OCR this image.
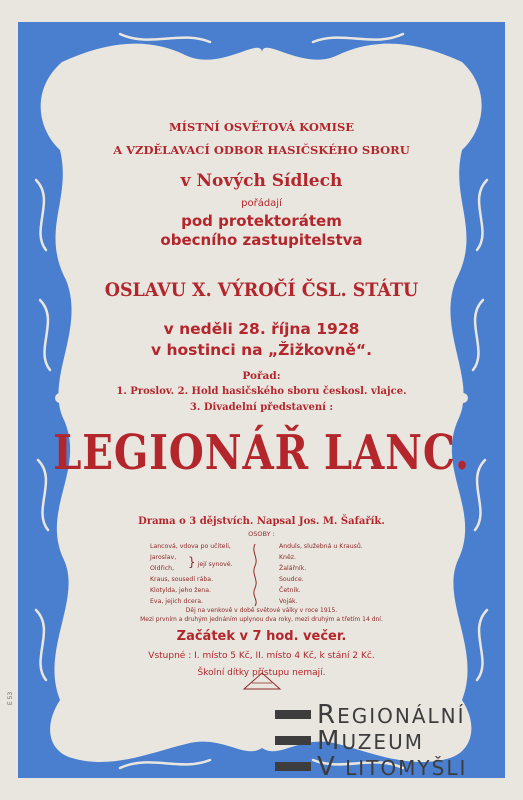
MÍSTNÍ OSVĚTOVÁ KOMISE
A VZDĚLAVACÍ ODBOR HASIČSKÉHO SBORU
v Nových Sídlech
pořádají
pod protektorátem
obecního zastupitelstva
OSLAVU X. VÝROČÍ ČSL. STÁTU
v neděli 28. října 1928
v hostinci na „Žižkovně“.
Pořad:
1. Proslov. 2. Hold hasičského sboru českosl. vlajce.
3. Divadelní představení :
LEGIONÁŘ LANC.
Drama o 3 dějstvích. Napsal Jos. M. Šafařík.
OSOBY :
Lancová, vdova po učiteli,
Jaroslav,
Oldřich,
Kraus, sousedí rába.
Klotylda, jeho žena.
Eva, jejich dcera.
} její synové.
Anduls, služebná u Krausů.
Kněz.
Žalářník.
Soudce.
Četník.
Voják.
Děj na venkově v době světové války v roce 1915.
Mezi prvním a druhým jednáním uplynou dva roky, mezi druhým a třetím 14 dní.
Začátek v 7 hod. večer.
Vstupné : I. místo 5 Kč, II. místo 4 Kč, k stání 2 Kč.
Školní dítky přístupu nemají.
E 53
REGIONÁLNÍ
MUZEUM
V LITOMYŠLI
